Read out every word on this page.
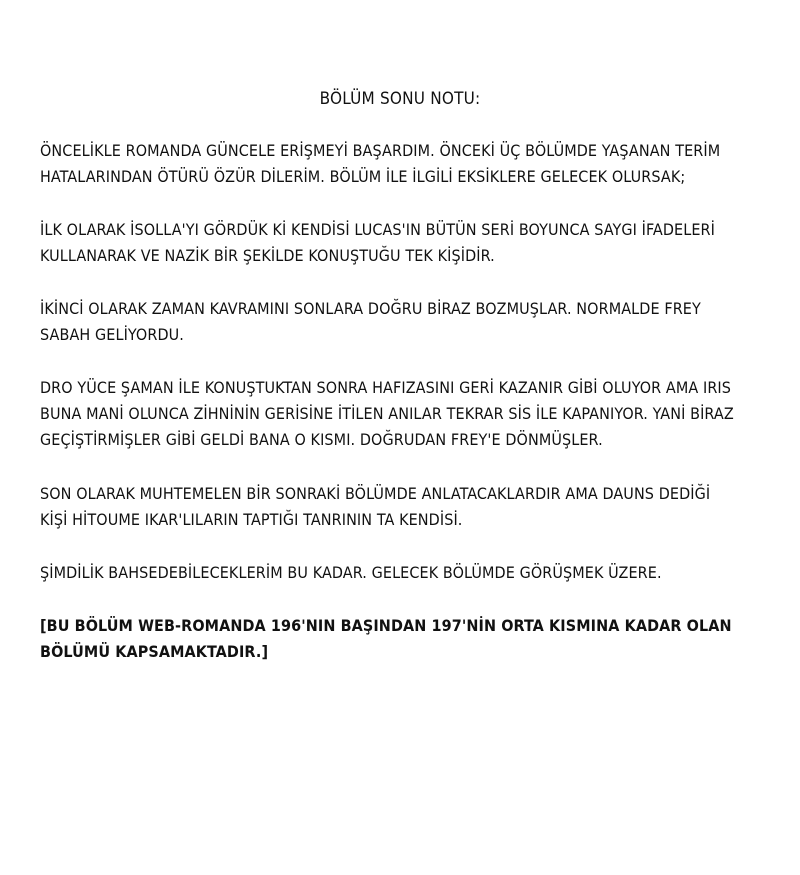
BÖLÜM SONU NOTU:
ÖNCELİKLE ROMANDA GÜNCELE ERİŞMEYİ BAŞARDIM. ÖNCEKİ ÜÇ BÖLÜMDE YAŞANAN TERİM
HATALARINDAN ÖTÜRÜ ÖZÜR DİLERİM. BÖLÜM İLE İLGİLİ EKSİKLERE GELECEK OLURSAK;
İLK OLARAK İSOLLA'YI GÖRDÜK Kİ KENDİSİ LUCAS'IN BÜTÜN SERİ BOYUNCA SAYGI İFADELERİ
KULLANARAK VE NAZİK BİR ŞEKİLDE KONUŞTUĞU TEK KİŞİDİR.
İKİNCİ OLARAK ZAMAN KAVRAMINI SONLARA DOĞRU BİRAZ BOZMUŞLAR. NORMALDE FREY
SABAH GELİYORDU.
DRO YÜCE ŞAMAN İLE KONUŞTUKTAN SONRA HAFIZASINI GERİ KAZANIR GİBİ OLUYOR AMA IRIS
BUNA MANİ OLUNCA ZİHNİNİN GERİSİNE İTİLEN ANILAR TEKRAR SİS İLE KAPANIYOR. YANİ BİRAZ
GEÇİŞTİRMİŞLER GİBİ GELDİ BANA O KISMI. DOĞRUDAN FREY'E DÖNMÜŞLER.
SON OLARAK MUHTEMELEN BİR SONRAKİ BÖLÜMDE ANLATACAKLARDIR AMA DAUNS DEDİĞİ
KİŞİ HİTOUME IKAR'LILARIN TAPTIĞI TANRININ TA KENDİSİ.
ŞİMDİLİK BAHSEDEBİLECEKLERİM BU KADAR. GELECEK BÖLÜMDE GÖRÜŞMEK ÜZERE.
[BU BÖLÜM WEB-ROMANDA 196'NIN BAŞINDAN 197'NİN ORTA KISMINA KADAR OLAN
BÖLÜMÜ KAPSAMAKTADIR.]
